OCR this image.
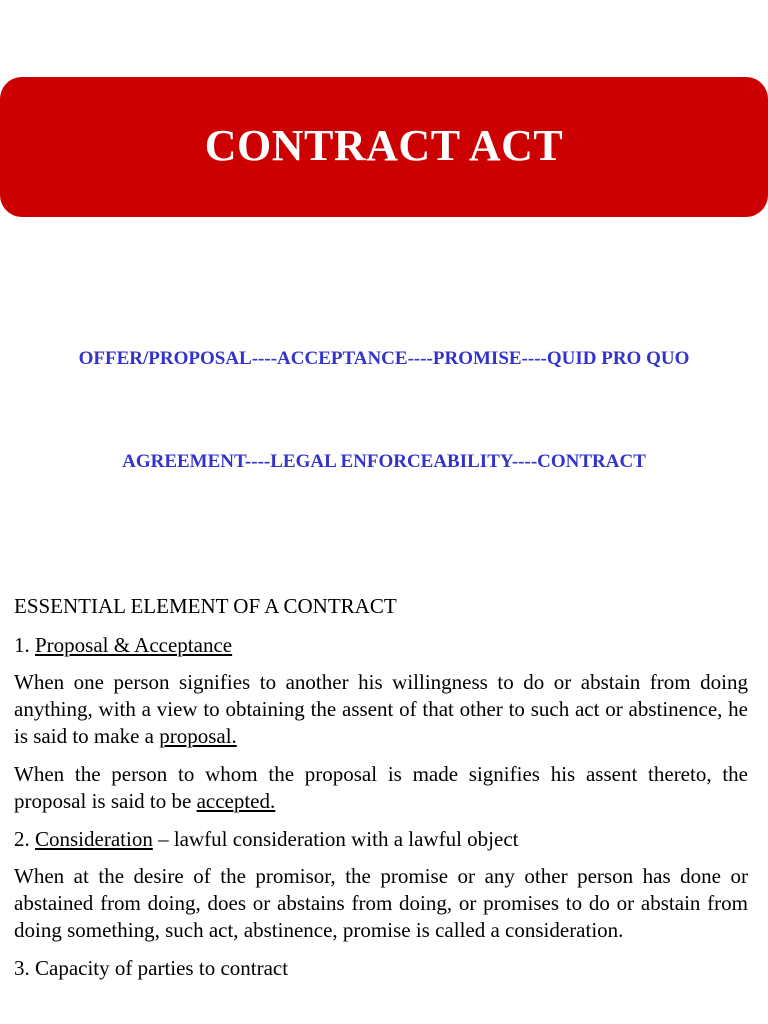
CONTRACT ACT
OFFER/PROPOSAL----ACCEPTANCE----PROMISE----QUID PRO QUO
AGREEMENT----LEGAL ENFORCEABILITY----CONTRACT

ESSENTIAL ELEMENT OF A CONTRACT

1. Proposal & Acceptance

When one person signifies to another his willingness to do or abstain from doing anything, with a view to obtaining the assent of that other to such act or abstinence, he is said to make a proposal.

When the person to whom the proposal is made signifies his assent thereto, the proposal is said to be accepted.

2. Consideration – lawful consideration with a lawful object

When at the desire of the promisor, the promise or any other person has done or abstained from doing, does or abstains from doing, or promises to do or abstain from doing something, such act, abstinence, promise is called a consideration.

3. Capacity of parties to contract
